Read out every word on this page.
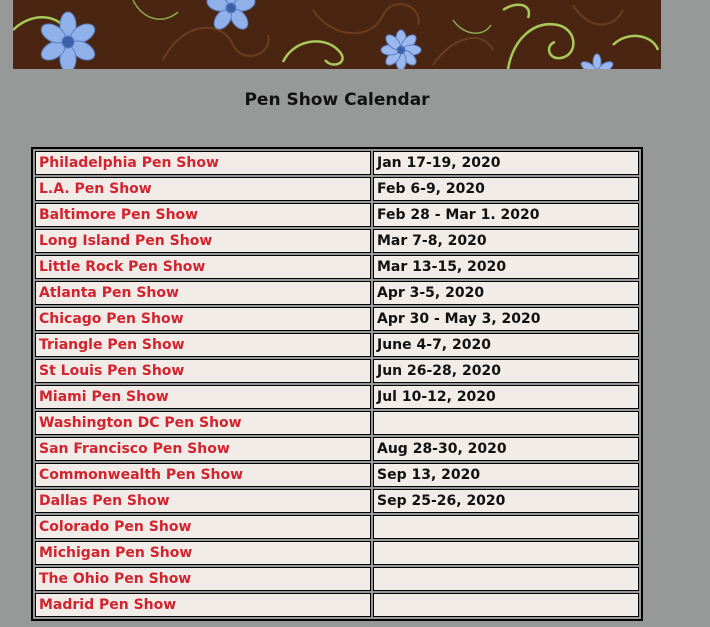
Pen Show Calendar
Philadelphia Pen Show	Jan 17-19, 2020
L.A. Pen Show	Feb 6-9, 2020
Baltimore Pen Show	Feb 28 - Mar 1. 2020
Long Island Pen Show	Mar 7-8, 2020
Little Rock Pen Show	Mar 13-15, 2020
Atlanta Pen Show	Apr 3-5, 2020
Chicago Pen Show	Apr 30 - May 3, 2020
Triangle Pen Show	June 4-7, 2020
St Louis Pen Show	Jun 26-28, 2020
Miami Pen Show	Jul 10-12, 2020
Washington DC Pen Show	
San Francisco Pen Show	Aug 28-30, 2020
Commonwealth Pen Show	Sep 13, 2020
Dallas Pen Show	Sep 25-26, 2020
Colorado Pen Show	
Michigan Pen Show	
The Ohio Pen Show	
Madrid Pen Show	
